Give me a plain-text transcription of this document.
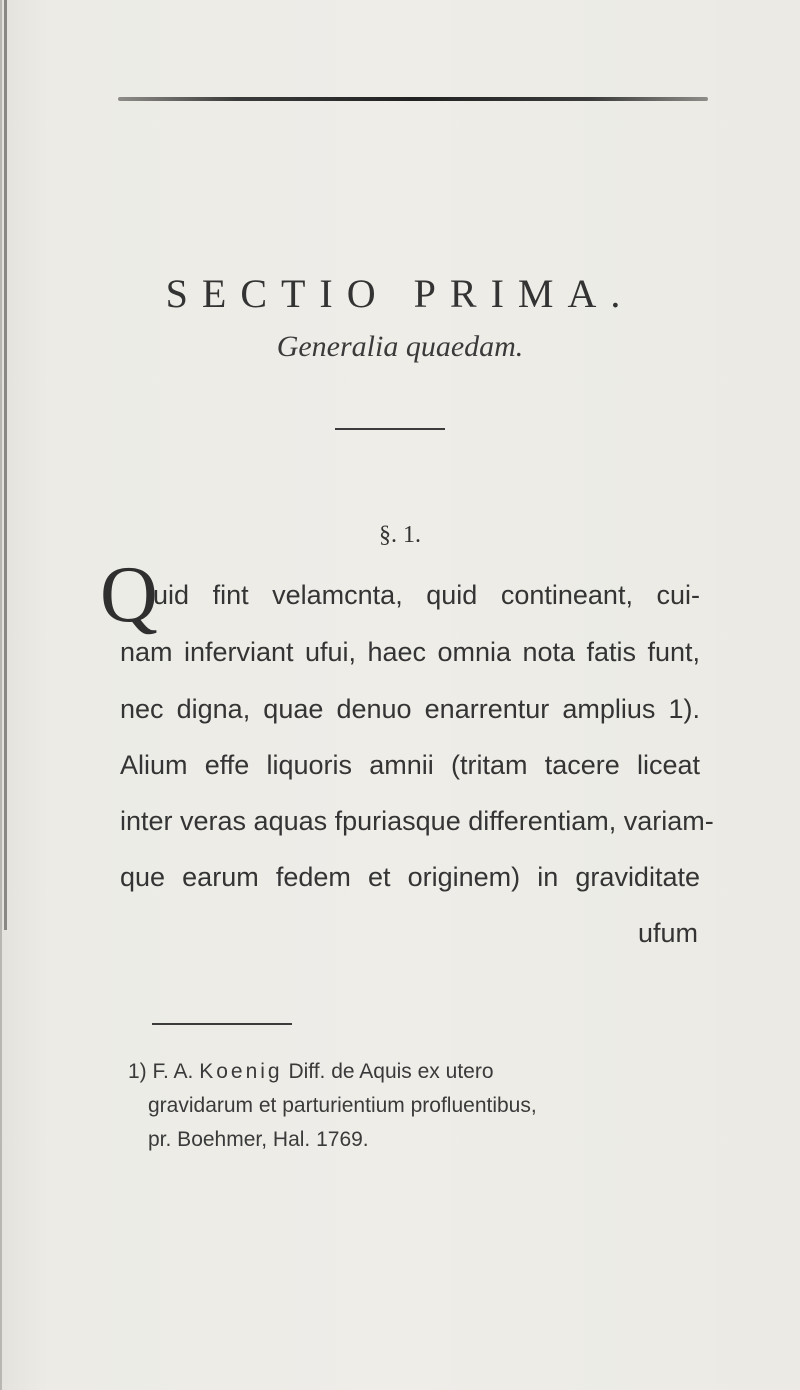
SECTIO PRIMA.
Generalia quaedam.
§. 1.
Q
uid fint velamcnta, quid contineant, cui-
nam inferviant ufui, haec omnia nota fatis funt,
nec digna, quae denuo enarrentur amplius 1).
Alium effe liquoris amnii (tritam tacere liceat
inter veras aquas fpuriasque differentiam, variam-
que earum fedem et originem) in graviditate
ufum
1) F. A. Koenig Diff. de Aquis ex utero
gravidarum et parturientium profluentibus,
pr. Boehmer, Hal. 1769.
